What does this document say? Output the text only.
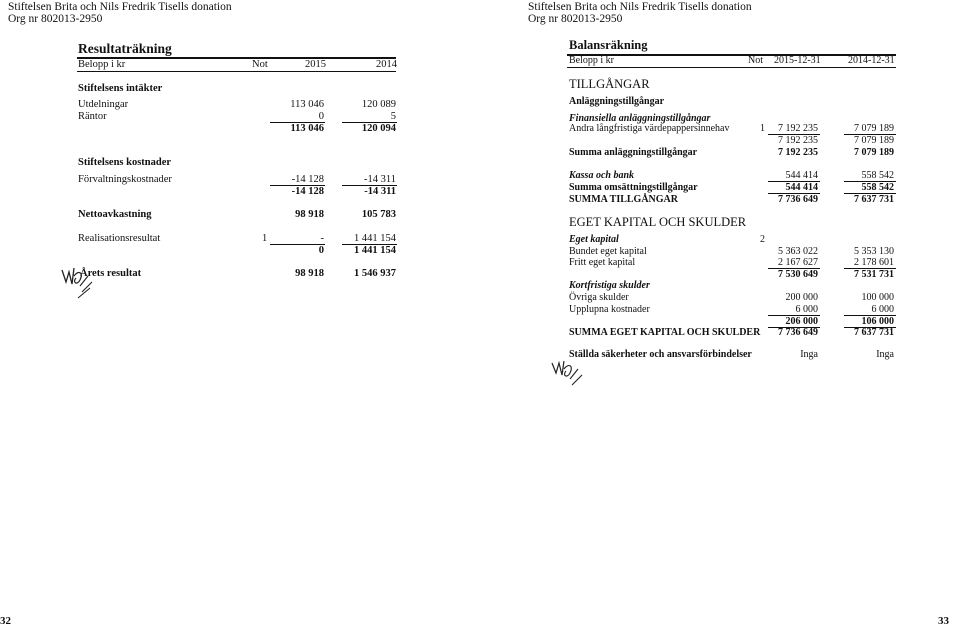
Stiftelsen Brita och Nils Fredrik Tisells donation
Org nr 802013-2950
Resultaträkning
Belopp i kr	Not	2015	2014
Stiftelsens intäkter
Utdelningar	113 046	120 089
Räntor	0	5
113 046	120 094
Stiftelsens kostnader
Förvaltningskostnader	-14 128	-14 311
-14 128	-14 311
Nettoavkastning	98 918	105 783
Realisationsresultat	1	-	1 441 154
0	1 441 154
Årets resultat	98 918	1 546 937
32
Stiftelsen Brita och Nils Fredrik Tisells donation
Org nr 802013-2950
Balansräkning
Belopp i kr	Not 2015-12-31	2014-12-31
TILLGÅNGAR
Anläggningstillgångar
Finansiella anläggningstillgångar
Andra långfristiga värdepappersinnehav	1	7 192 235	7 079 189
7 192 235	7 079 189
Summa anläggningstillgångar	7 192 235	7 079 189
Kassa och bank	544 414	558 542
Summa omsättningstillgångar	544 414	558 542
SUMMA TILLGÅNGAR	7 736 649	7 637 731
EGET KAPITAL OCH SKULDER
Eget kapital	2
Bundet eget kapital	5 363 022	5 353 130
Fritt eget kapital	2 167 627	2 178 601
7 530 649	7 531 731
Kortfristiga skulder
Övriga skulder	200 000	100 000
Upplupna kostnader	6 000	6 000
206 000	106 000
SUMMA EGET KAPITAL OCH SKULDER	7 736 649	7 637 731
Ställda säkerheter och ansvarsförbindelser	Inga	Inga
33
